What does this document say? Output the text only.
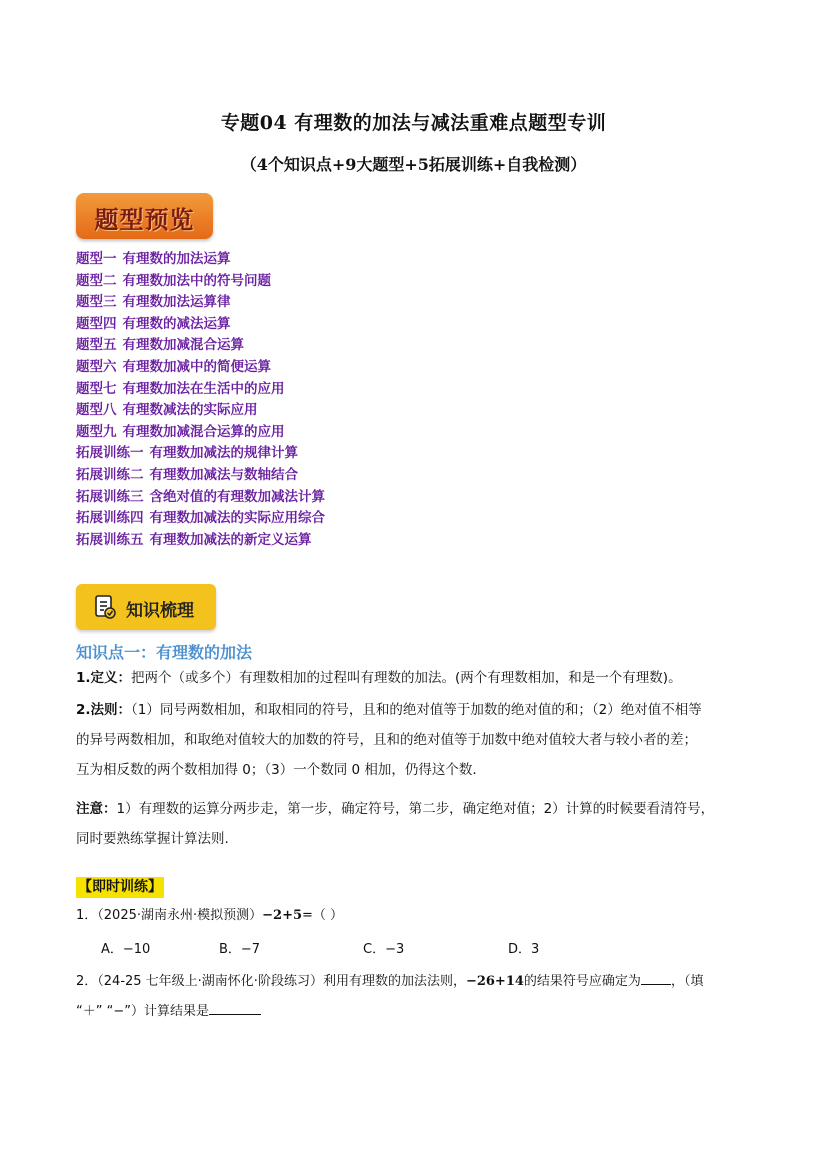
专题04 有理数的加法与减法重难点题型专训
（4个知识点+9大题型+5拓展训练+自我检测）
题型预览
题型一 有理数的加法运算
题型二 有理数加法中的符号问题
题型三 有理数加法运算律
题型四 有理数的减法运算
题型五 有理数加减混合运算
题型六 有理数加减中的简便运算
题型七 有理数加法在生活中的应用
题型八 有理数减法的实际应用
题型九 有理数加减混合运算的应用
拓展训练一 有理数加减法的规律计算
拓展训练二 有理数加减法与数轴结合
拓展训练三 含绝对值的有理数加减法计算
拓展训练四 有理数加减法的实际应用综合
拓展训练五 有理数加减法的新定义运算
知识梳理
知识点一：有理数的加法
1.定义：把两个（或多个）有理数相加的过程叫有理数的加法。(两个有理数相加，和是一个有理数)。
2.法则：（1）同号两数相加，和取相同的符号，且和的绝对值等于加数的绝对值的和；（2）绝对值不相等
的异号两数相加，和取绝对值较大的加数的符号，且和的绝对值等于加数中绝对值较大者与较小者的差；
互为相反数的两个数相加得 0；（3）一个数同 0 相加，仍得这个数.
注意：1）有理数的运算分两步走，第一步，确定符号，第二步，确定绝对值；2）计算的时候要看清符号，
同时要熟练掌握计算法则.
【即时训练】
1．（2025·湖南永州·模拟预测）−2+5=（ ）
A．−10	B．−7	C．−3	D．3
2．（24-25 七年级上·湖南怀化·阶段练习）利用有理数的加法法则，−26+14的结果符号应确定为 ，（填
“＋” “−”）计算结果是
